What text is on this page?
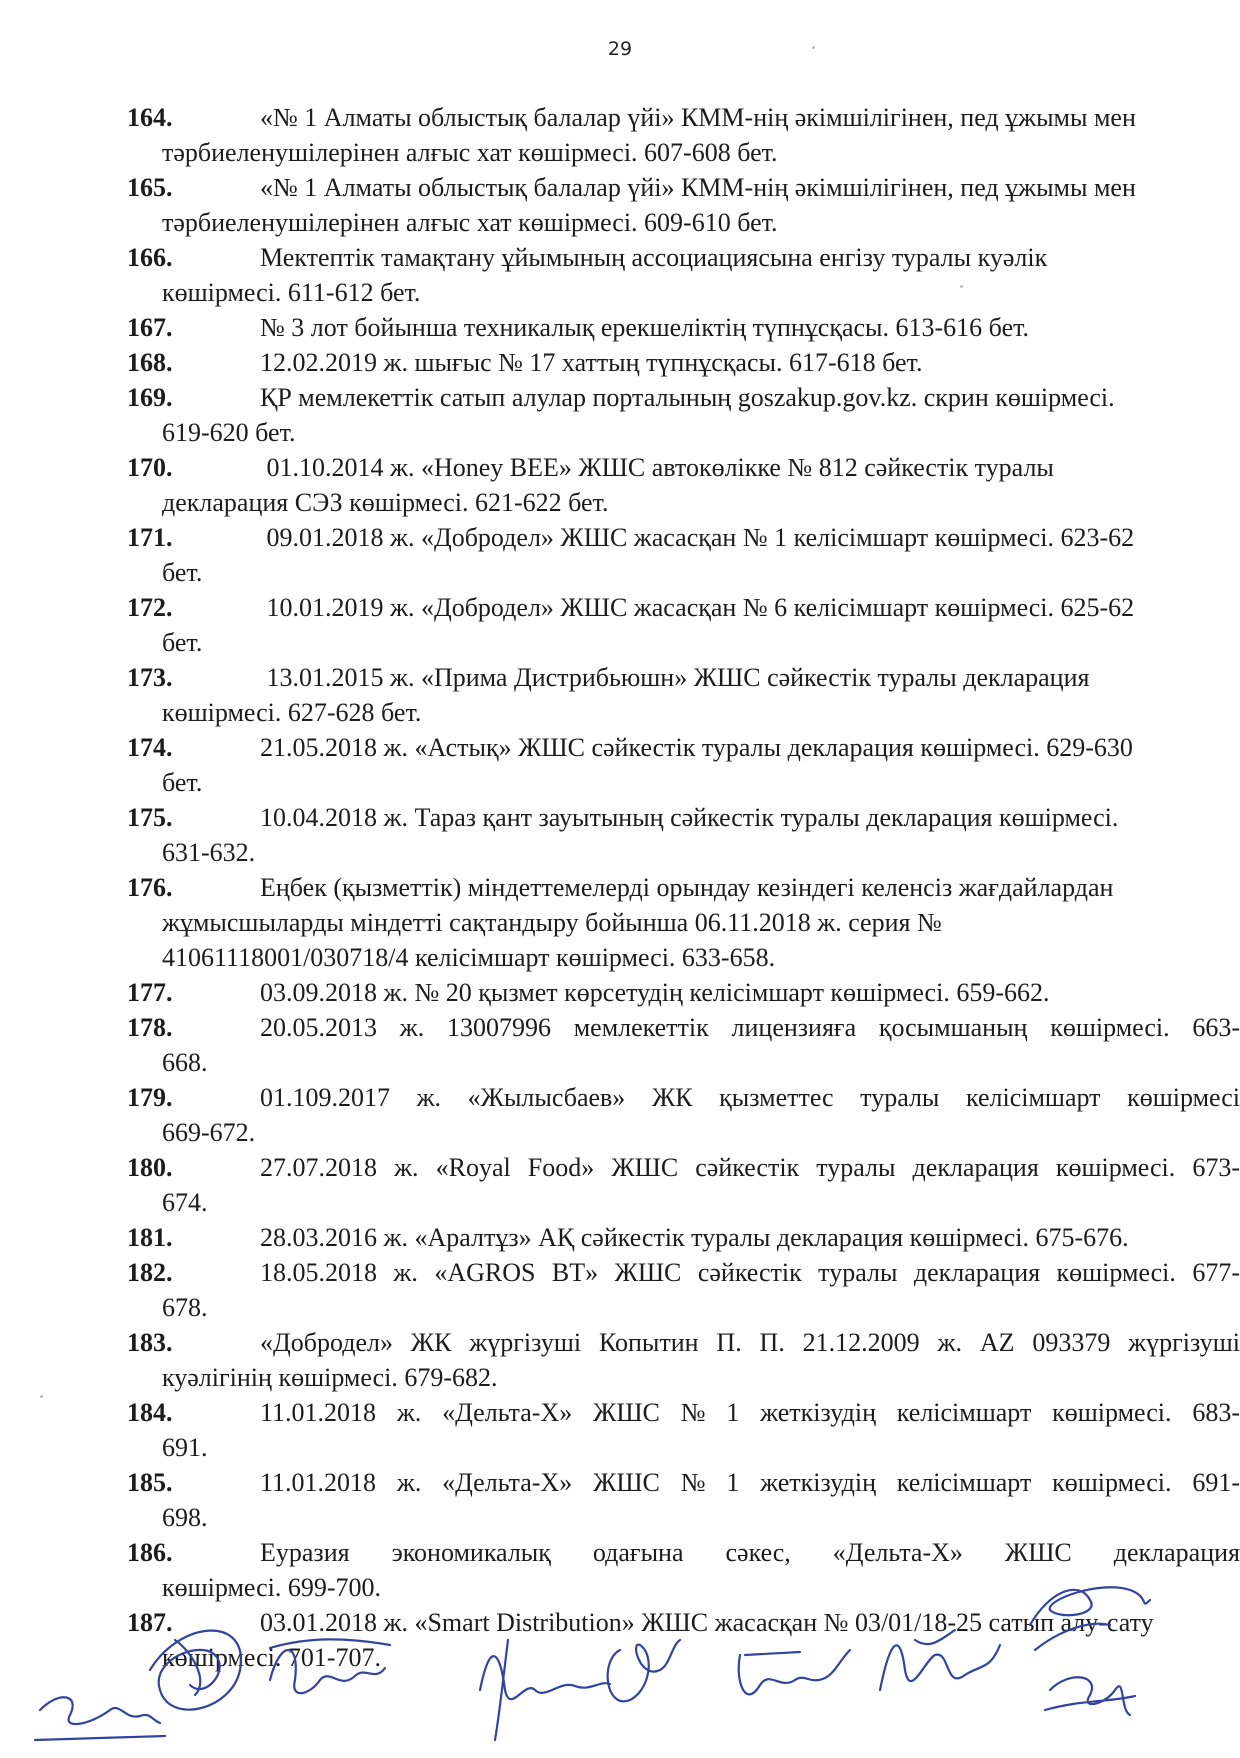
29
164.	«№ 1 Алматы облыстық балалар үйі» КММ-нің әкімшілігінен, пед ұжымы мен
тәрбиеленушілерінен алғыс хат көшірмесі. 607-608 бет.
165.	«№ 1 Алматы облыстық балалар үйі» КММ-нің әкімшілігінен, пед ұжымы мен
тәрбиеленушілерінен алғыс хат көшірмесі. 609-610 бет.
166.	Мектептік тамақтану ұйымының ассоциациясына енгізу туралы куәлік
көшірмесі. 611-612 бет.
167.	№ 3 лот бойынша техникалық ерекшеліктің түпнұсқасы. 613-616 бет.
168.	12.02.2019 ж. шығыс № 17 хаттың түпнұсқасы. 617-618 бет.
169.	ҚР мемлекеттік сатып алулар порталының goszakup.gov.kz. скрин көшірмесі.
619-620 бет.
170.	01.10.2014 ж. «Honey BEE» ЖШС автокөлікке № 812 сәйкестік туралы
декларация СЭЗ көшірмесі. 621-622 бет.
171.	09.01.2018 ж. «Добродел» ЖШС жасасқан № 1 келісімшарт көшірмесі. 623-62
бет.
172.	10.01.2019 ж. «Добродел» ЖШС жасасқан № 6 келісімшарт көшірмесі. 625-62
бет.
173.	13.01.2015 ж. «Прима Дистрибьюшн» ЖШС сәйкестік туралы декларация
көшірмесі. 627-628 бет.
174.	21.05.2018 ж. «Астық» ЖШС сәйкестік туралы декларация көшірмесі. 629-630
бет.
175.	10.04.2018 ж. Тараз қант зауытының сәйкестік туралы декларация көшірмесі.
631-632.
176.	Еңбек (қызметтік) міндеттемелерді орындау кезіндегі келенсіз жағдайлардан
жұмысшыларды міндетті сақтандыру бойынша 06.11.2018 ж. серия №
41061118001/030718/4 келісімшарт көшірмесі. 633-658.
177.	03.09.2018 ж. № 20 қызмет көрсетудің келісімшарт көшірмесі. 659-662.
178.	20.05.2013 ж. 13007996 мемлекеттік лицензияға қосымшаның көшірмесі. 663-
668.
179.	01.109.2017 ж. «Жылысбаев» ЖК қызметтес туралы келісімшарт көшірмесі
669-672.
180.	27.07.2018 ж. «Royal Food» ЖШС сәйкестік туралы декларация көшірмесі. 673-
674.
181.	28.03.2016 ж. «Аралтұз» АҚ сәйкестік туралы декларация көшірмесі. 675-676.
182.	18.05.2018 ж. «AGROS BT» ЖШС сәйкестік туралы декларация көшірмесі. 677-
678.
183.	«Добродел» ЖК жүргізуші Копытин П. П. 21.12.2009 ж. AZ 093379 жүргізуші
куәлігінің көшірмесі. 679-682.
184.	11.01.2018 ж. «Дельта-Х» ЖШС № 1 жеткізудің келісімшарт көшірмесі. 683-
691.
185.	11.01.2018 ж. «Дельта-Х» ЖШС № 1 жеткізудің келісімшарт көшірмесі. 691-
698.
186.	Еуразия экономикалық одағына сәкес, «Дельта-Х» ЖШС декларация
көшірмесі. 699-700.
187.	03.01.2018 ж. «Smart Distribution» ЖШС жасасқан № 03/01/18-25 сатып алу-сату
көшірмесі. 701-707.
